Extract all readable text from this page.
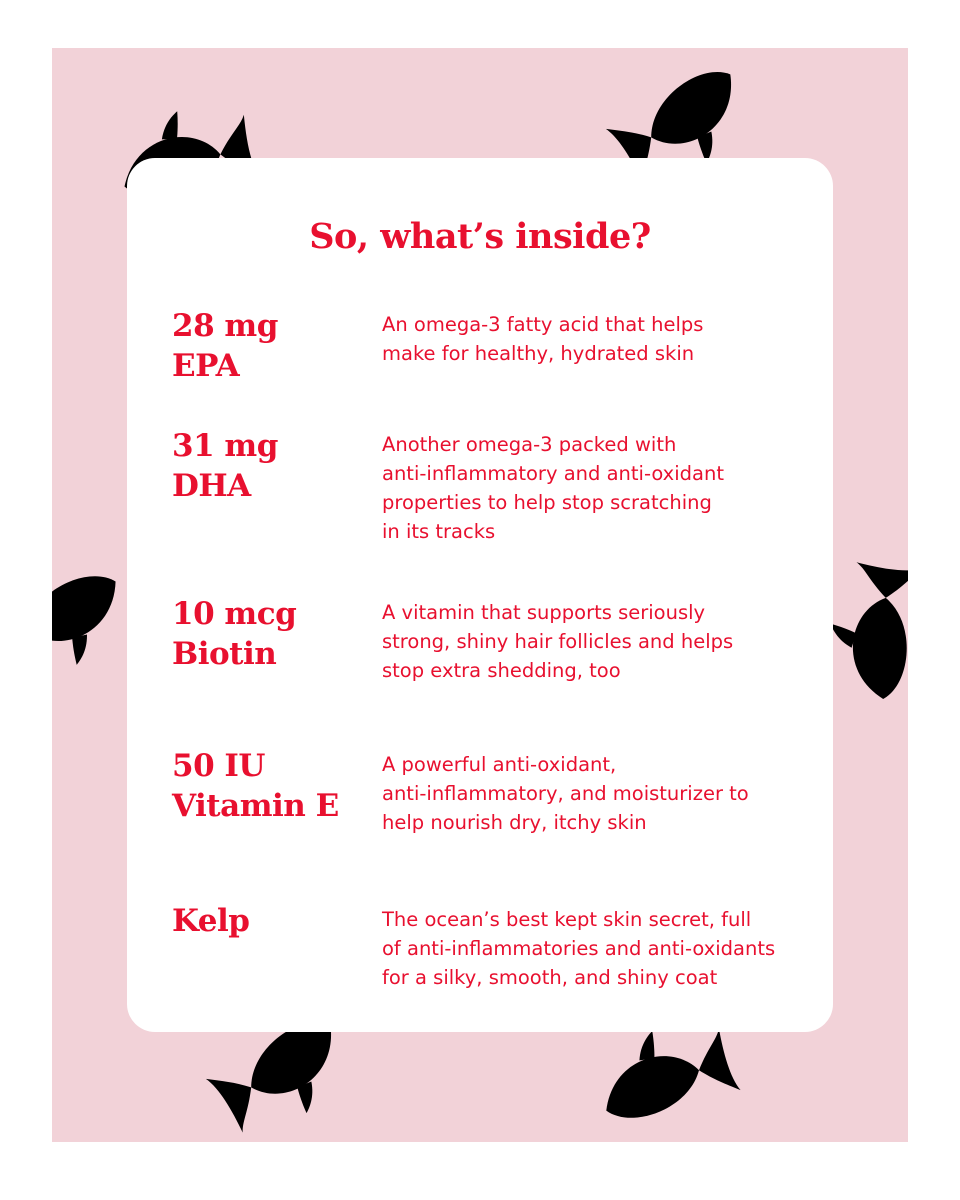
So, what’s inside?
28 mg
EPA
An omega-3 fatty acid that helps
make for healthy, hydrated skin
31 mg
DHA
Another omega-3 packed with
anti-inflammatory and anti-oxidant
properties to help stop scratching
in its tracks
10 mcg
Biotin
A vitamin that supports seriously
strong, shiny hair follicles and helps
stop extra shedding, too
50 IU
Vitamin E
A powerful anti-oxidant,
anti-inflammatory, and moisturizer to
help nourish dry, itchy skin
Kelp	The ocean’s best kept skin secret, full
of anti-inflammatories and anti-oxidants
for a silky, smooth, and shiny coat
